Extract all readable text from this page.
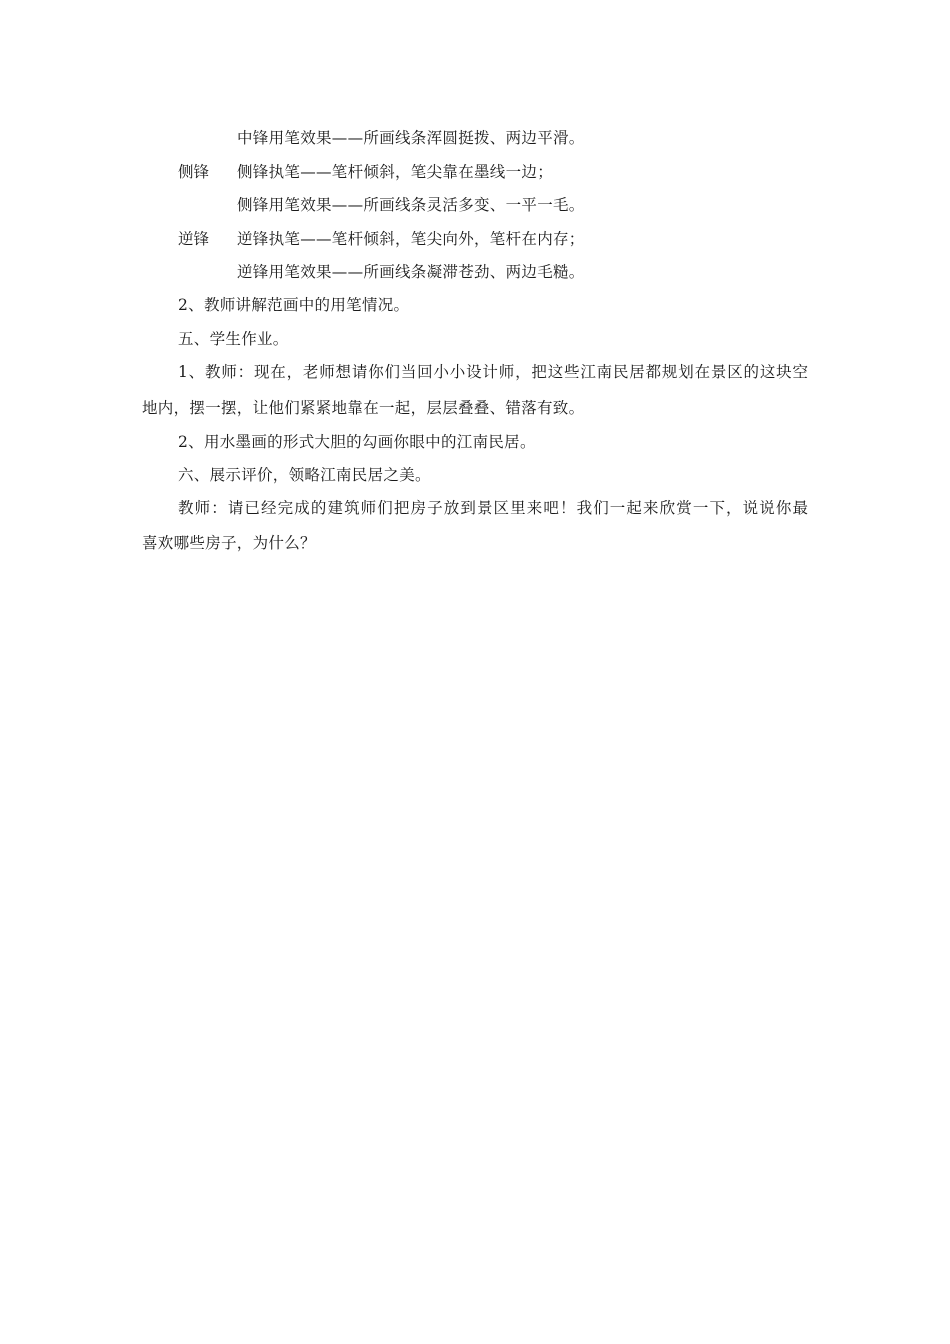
中锋用笔效果——所画线条浑圆挺拨、两边平滑。
侧锋 侧锋执笔——笔杆倾斜，笔尖靠在墨线一边；
侧锋用笔效果——所画线条灵活多变、一平一毛。
逆锋 逆锋执笔——笔杆倾斜，笔尖向外，笔杆在内存；
逆锋用笔效果——所画线条凝滞苍劲、两边毛糙。
2、教师讲解范画中的用笔情况。
五、学生作业。
1、教师：现在，老师想请你们当回小小设计师，把这些江南民居都规划在景区的这块空
地内，摆一摆，让他们紧紧地靠在一起，层层叠叠、错落有致。
2、用水墨画的形式大胆的勾画你眼中的江南民居。
六、展示评价，领略江南民居之美。
教师：请已经完成的建筑师们把房子放到景区里来吧！我们一起来欣赏一下，说说你最
喜欢哪些房子，为什么？
